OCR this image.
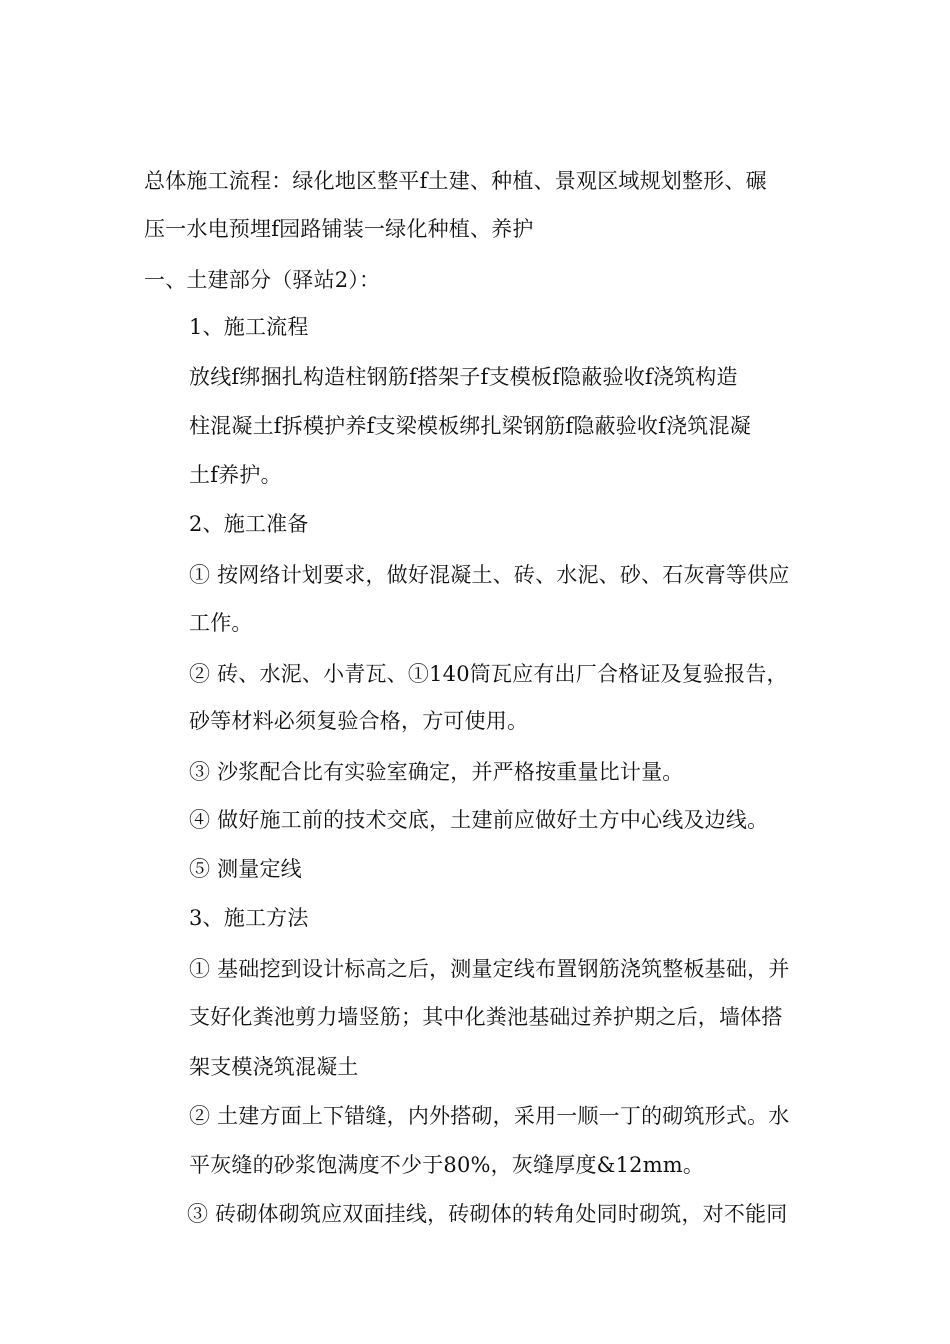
总体施工流程：绿化地区整平f土建、种植、景观区域规划整形、碾
压一水电预埋f园路铺装一绿化种植、养护
一、土建部分（驿站2）：
1、施工流程
放线f绑捆扎构造柱钢筋f搭架子f支模板f隐蔽验收f浇筑构造
柱混凝土f拆模护养f支梁模板绑扎梁钢筋f隐蔽验收f浇筑混凝
土f养护。
2、施工准备
① 按网络计划要求，做好混凝土、砖、水泥、砂、石灰膏等供应
工作。
② 砖、水泥、小青瓦、①140筒瓦应有出厂合格证及复验报告，
砂等材料必须复验合格，方可使用。
③ 沙浆配合比有实验室确定，并严格按重量比计量。
④ 做好施工前的技术交底，土建前应做好土方中心线及边线。
⑤ 测量定线
3、施工方法
① 基础挖到设计标高之后，测量定线布置钢筋浇筑整板基础，并
支好化粪池剪力墙竖筋；其中化粪池基础过养护期之后，墙体搭
架支模浇筑混凝土
② 土建方面上下错缝，内外搭砌，采用一顺一丁的砌筑形式。水
平灰缝的砂浆饱满度不少于80%，灰缝厚度&12mm。
③ 砖砌体砌筑应双面挂线，砖砌体的转角处同时砌筑，对不能同
